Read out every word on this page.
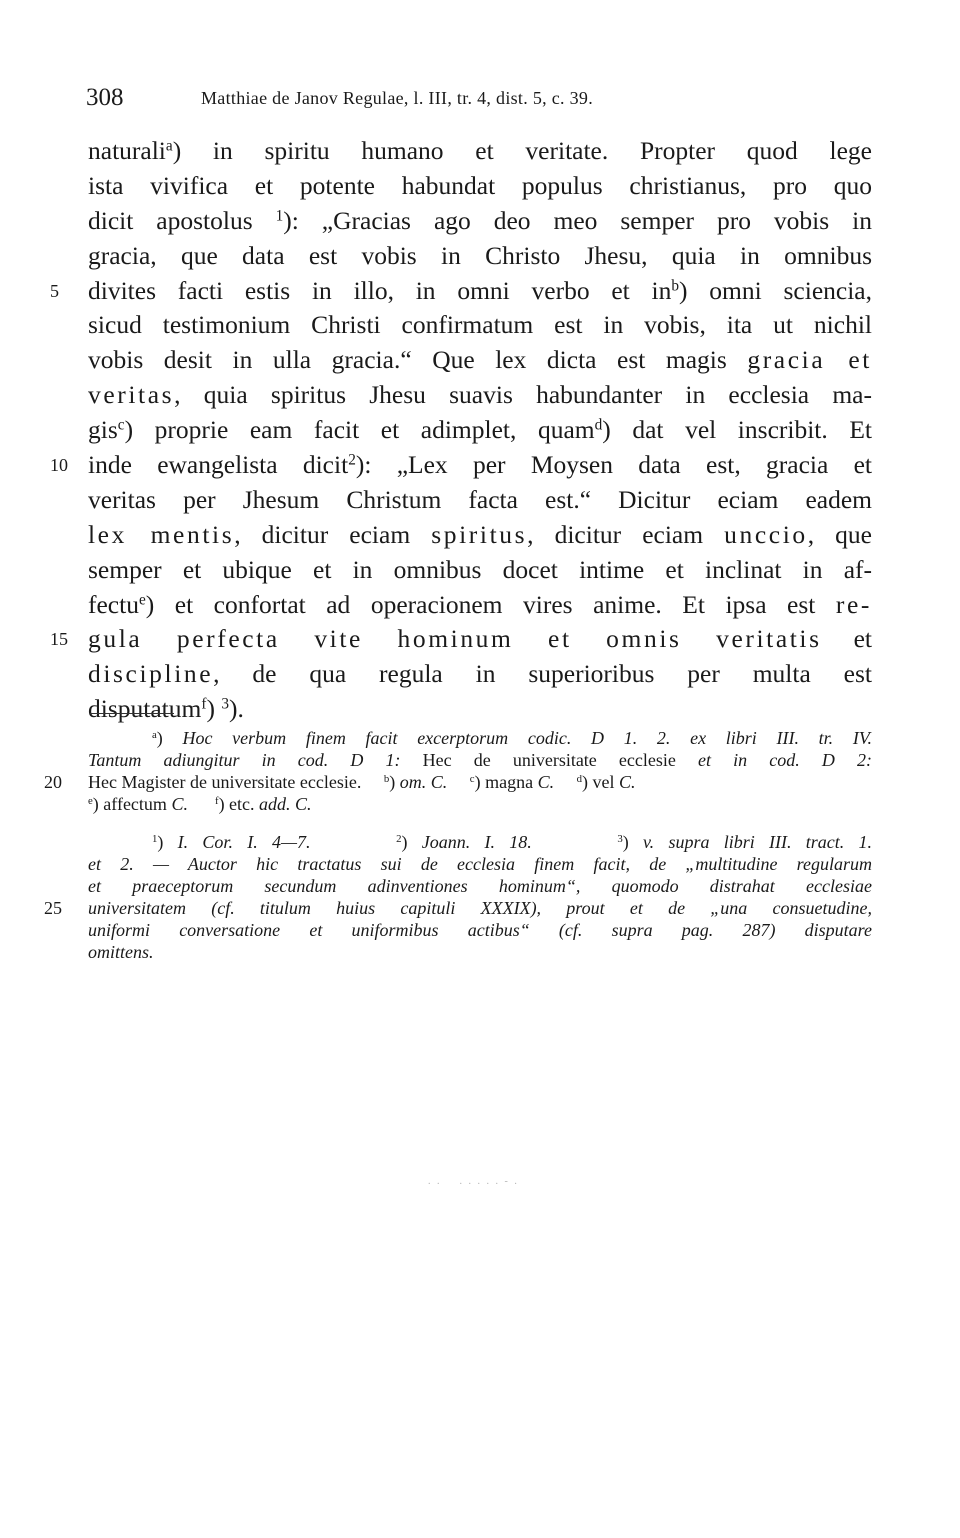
308	Matthiae de Janov Regulae, l. III, tr. 4, dist. 5, c. 39.
naturali$^a$) in spiritu humano et veritate. Propter quod lege
ista vivifica et potente habundat populus christianus, pro quo
dicit apostolus $^1$): „Gracias ago deo meo semper pro vobis in
gracia, que data est vobis in Christo Jhesu, quia in omnibus
5 divites facti estis in illo, in omni verbo et $in^b$) omni sciencia,
sicud testimonium Christi confirmatum est in vobis, ita ut nichil
vobis desit in ulla gracia.“ Que lex dicta est magis gracia et
veritas, quia spiritus Jhesu suavis habundanter in ecclesia ma-
gis$^c$) proprie eam facit et adimplet, quam$^d$) dat vel inscribit. Et
10 inde ewangelista dicit$^2$): „Lex per Moysen data est, gracia et
veritas per Jhesum Christum facta est.“ Dicitur eciam eadem
lex mentis, dicitur eciam spiritus, dicitur eciam unccio, que
semper et ubique et in omnibus docet intime et inclinat in af-
fectu$^e$) et confortat ad operacionem vires anime. Et ipsa est re-
15 gula perfecta vite hominum et omnis veritatis et
discipline, de qua regula in superioribus per multa est
disputatum$^f$) $^3$).
$^a$) Hoc verbum finem facit excerptorum codic. D 1. 2. ex libri III. tr. IV.
Tantum adiungitur in cod. D 1: Hec de universitate ecclesie et in cod. D 2:
20 Hec Magister de universitate ecclesie.     $^b$) om. C. $^c$) magna C. $^d$) vel C.
$^e$) affectum C.	$^f$) etc. add. C.
$^1$) I. Cor. I. 4—7.	$^2$) Joann. I. 18.	$^3$) v. supra libri III. tract. 1.
et 2. — Auctor hic tractatus sui de ecclesia finem facit, de „multitudine regularum
et praeceptorum secundum adinventiones hominum“, quomodo distrahat ecclesiae
25 universitatem (cf. titulum huius capituli XXXIX), prout et de „una consuetudine,
uniformi conversatione et uniformibus actibus“ (cf. supra pag. 287) disputare
omittens.
. .    . . . . . - .
